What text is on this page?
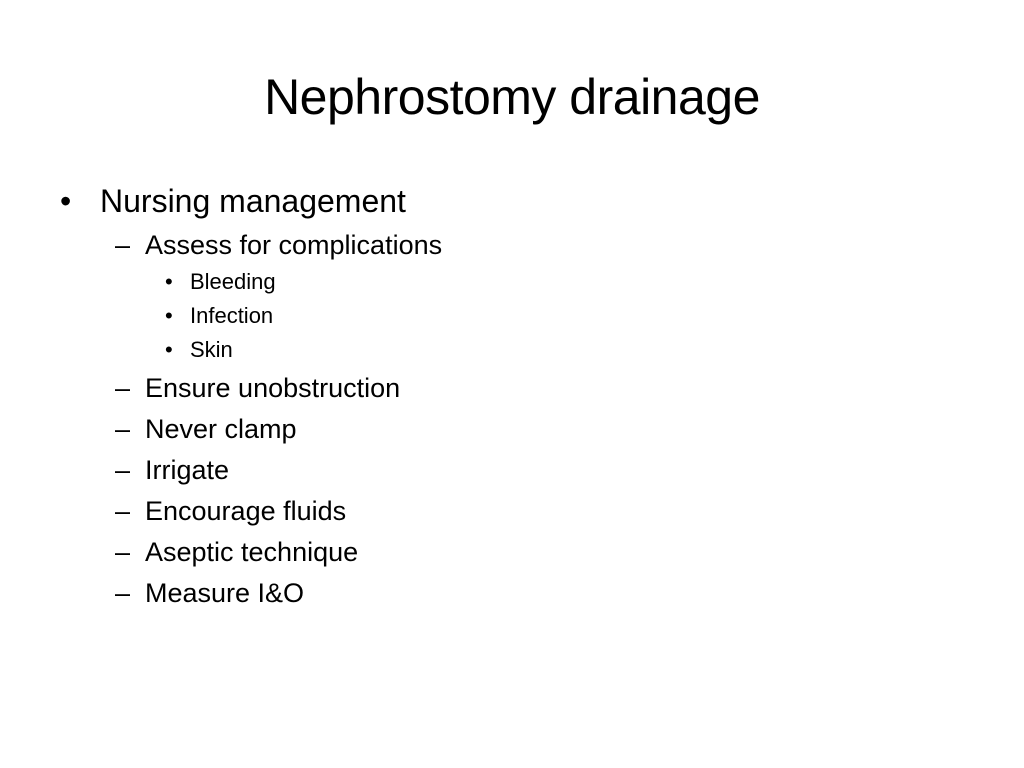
Nephrostomy drainage
• Nursing management
– Assess for complications
• Bleeding
• Infection
• Skin
– Ensure unobstruction
– Never clamp
– Irrigate
– Encourage fluids
– Aseptic technique
– Measure I&O
